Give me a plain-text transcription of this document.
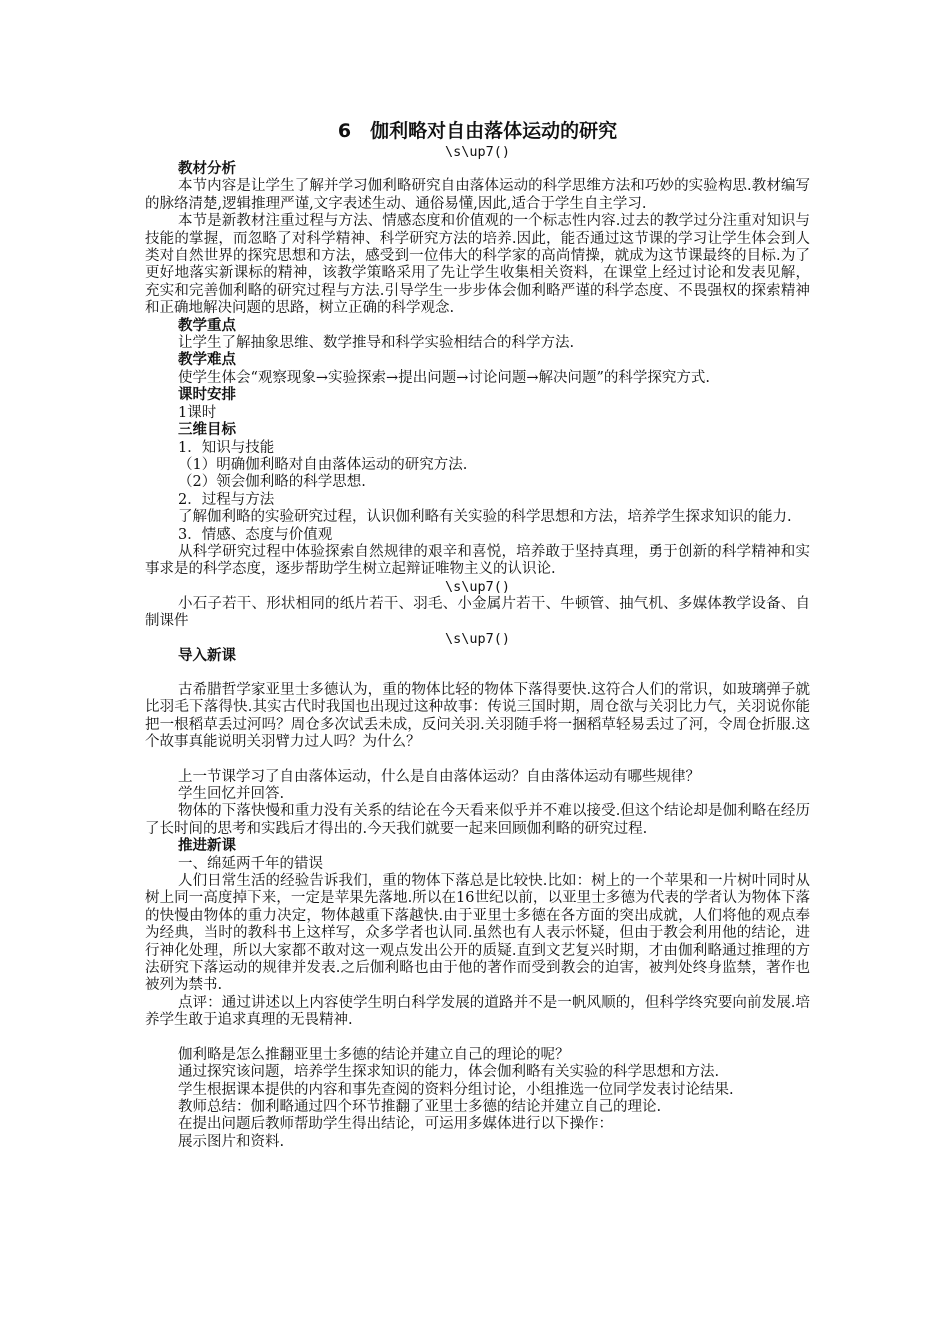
6　伽利略对自由落体运动的研究

\s\up7()

教材分析

本节内容是让学生了解并学习伽利略研究自由落体运动的科学思维方法和巧妙的实验构思.教材编写的脉络清楚,逻辑推理严谨,文字表述生动、通俗易懂,因此,适合于学生自主学习.

本节是新教材注重过程与方法、情感态度和价值观的一个标志性内容.过去的教学过分注重对知识与技能的掌握，而忽略了对科学精神、科学研究方法的培养.因此，能否通过这节课的学习让学生体会到人类对自然世界的探究思想和方法，感受到一位伟大的科学家的高尚情操，就成为这节课最终的目标.为了更好地落实新课标的精神，该教学策略采用了先让学生收集相关资料，在课堂上经过讨论和发表见解，充实和完善伽利略的研究过程与方法.引导学生一步步体会伽利略严谨的科学态度、不畏强权的探索精神和正确地解决问题的思路，树立正确的科学观念.

教学重点

让学生了解抽象思维、数学推导和科学实验相结合的科学方法.

教学难点

使学生体会“观察现象→实验探索→提出问题→讨论问题→解决问题”的科学探究方式.

课时安排

1课时

三维目标

1．知识与技能

（1）明确伽利略对自由落体运动的研究方法.

（2）领会伽利略的科学思想.

2．过程与方法

了解伽利略的实验研究过程，认识伽利略有关实验的科学思想和方法，培养学生探求知识的能力.

3．情感、态度与价值观

从科学研究过程中体验探索自然规律的艰辛和喜悦，培养敢于坚持真理，勇于创新的科学精神和实事求是的科学态度，逐步帮助学生树立起辩证唯物主义的认识论.

\s\up7()

小石子若干、形状相同的纸片若干、羽毛、小金属片若干、牛顿管、抽气机、多媒体教学设备、自制课件

\s\up7()

导入新课

古希腊哲学家亚里士多德认为，重的物体比轻的物体下落得要快.这符合人们的常识，如玻璃弹子就比羽毛下落得快.其实古代时我国也出现过这种故事：传说三国时期，周仓欲与关羽比力气，关羽说你能把一根稻草丢过河吗？周仓多次试丢未成，反问关羽.关羽随手将一捆稻草轻易丢过了河，令周仓折服.这个故事真能说明关羽臂力过人吗？为什么？

上一节课学习了自由落体运动，什么是自由落体运动？自由落体运动有哪些规律？

学生回忆并回答.

物体的下落快慢和重力没有关系的结论在今天看来似乎并不难以接受.但这个结论却是伽利略在经历了长时间的思考和实践后才得出的.今天我们就要一起来回顾伽利略的研究过程.

推进新课

一、绵延两千年的错误

人们日常生活的经验告诉我们，重的物体下落总是比较快.比如：树上的一个苹果和一片树叶同时从树上同一高度掉下来，一定是苹果先落地.所以在16世纪以前，以亚里士多德为代表的学者认为物体下落的快慢由物体的重力决定，物体越重下落越快.由于亚里士多德在各方面的突出成就，人们将他的观点奉为经典，当时的教科书上这样写，众多学者也认同.虽然也有人表示怀疑，但由于教会利用他的结论，进行神化处理，所以大家都不敢对这一观点发出公开的质疑.直到文艺复兴时期，才由伽利略通过推理的方法研究下落运动的规律并发表.之后伽利略也由于他的著作而受到教会的迫害，被判处终身监禁，著作也被列为禁书.

点评：通过讲述以上内容使学生明白科学发展的道路并不是一帆风顺的，但科学终究要向前发展.培养学生敢于追求真理的无畏精神.

伽利略是怎么推翻亚里士多德的结论并建立自己的理论的呢？

通过探究该问题，培养学生探求知识的能力，体会伽利略有关实验的科学思想和方法.

学生根据课本提供的内容和事先查阅的资料分组讨论，小组推选一位同学发表讨论结果.

教师总结：伽利略通过四个环节推翻了亚里士多德的结论并建立自己的理论.

在提出问题后教师帮助学生得出结论，可运用多媒体进行以下操作：

展示图片和资料.
